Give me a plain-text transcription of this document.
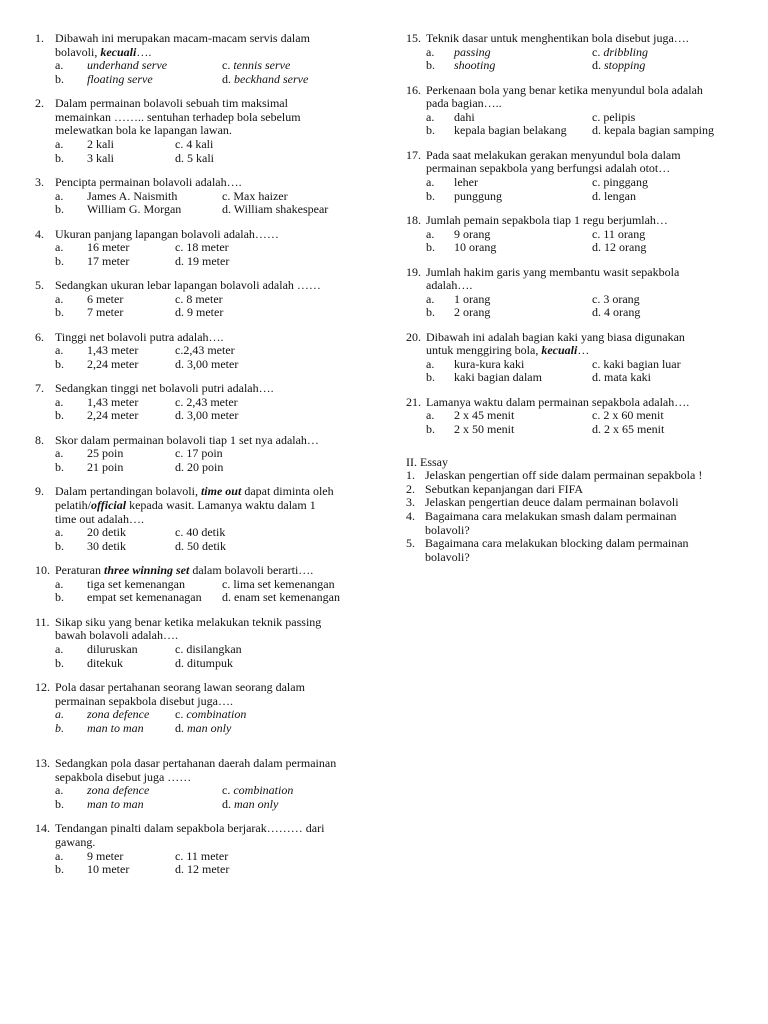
1. Dibawah ini merupakan macam-macam servis dalam
bolavoli, kecuali….
a. underhand serve	c. tennis serve
b. floating serve	d. beckhand serve
2. Dalam permainan bolavoli sebuah tim maksimal
memainkan …….. sentuhan terhadep bola sebelum
melewatkan bola ke lapangan lawan.
a. 2 kali	c. 4 kali
b. 3 kali	d. 5 kali
3. Pencipta permainan bolavoli adalah….
a. James A. Naismith	c. Max haizer
b. William G. Morgan	d. William shakespear
4. Ukuran panjang lapangan bolavoli adalah……
a. 16 meter	c. 18 meter
b. 17 meter	d. 19 meter
5. Sedangkan ukuran lebar lapangan bolavoli adalah ……
a. 6 meter	c. 8 meter
b. 7 meter	d. 9 meter
6. Tinggi net bolavoli putra adalah….
a. 1,43 meter	c.2,43 meter
b. 2,24 meter	d. 3,00 meter
7. Sedangkan tinggi net bolavoli putri adalah….
a. 1,43 meter	c. 2,43 meter
b. 2,24 meter	d. 3,00 meter
8. Skor dalam permainan bolavoli tiap 1 set nya adalah…
a. 25 poin	c. 17 poin
b. 21 poin	d. 20 poin
9. Dalam pertandingan bolavoli, time out dapat diminta oleh
pelatih/official kepada wasit. Lamanya waktu dalam 1
time out adalah….
a. 20 detik	c. 40 detik
b. 30 detik	d. 50 detik
10. Peraturan three winning set dalam bolavoli berarti….
a. tiga set kemenangan	c. lima set kemenangan
b. empat set kemenanagan d. enam set kemenangan
11. Sikap siku yang benar ketika melakukan teknik passing
bawah bolavoli adalah….
a. diluruskan	c. disilangkan
b. ditekuk	d. ditumpuk
12. Pola dasar pertahanan seorang lawan seorang dalam
permainan sepakbola disebut juga….
a. zona defence c. combination
b. man to man	d. man only
13. Sedangkan pola dasar pertahanan daerah dalam permainan
sepakbola disebut juga ……
a. zona defence	c. combination
b. man to man	d. man only
14. Tendangan pinalti dalam sepakbola berjarak……… dari
gawang.
a. 9 meter	c. 11 meter
b. 10 meter	d. 12 meter
15. Teknik dasar untuk menghentikan bola disebut juga….
a. passing	c. dribbling
b. shooting	d. stopping
16. Perkenaan bola yang benar ketika menyundul bola adalah
pada bagian…..
a. dahi	c. pelipis
b. kepala bagian belakang d. kepala bagian samping
17. Pada saat melakukan gerakan menyundul bola dalam
permainan sepakbola yang berfungsi adalah otot…
a. leher	c. pinggang
b. punggung	d. lengan
18. Jumlah pemain sepakbola tiap 1 regu berjumlah…
a. 9 orang	c. 11 orang
b. 10 orang	d. 12 orang
19. Jumlah hakim garis yang membantu wasit sepakbola
adalah….
a. 1 orang	c. 3 orang
b. 2 orang	d. 4 orang
20. Dibawah ini adalah bagian kaki yang biasa digunakan
untuk menggiring bola, kecuali…
a. kura-kura kaki	c. kaki bagian luar
b. kaki bagian dalam	d. mata kaki
21. Lamanya waktu dalam permainan sepakbola adalah….
a. 2 x 45 menit	c. 2 x 60 menit
b. 2 x 50 menit	d. 2 x 65 menit
II. Essay
1. Jelaskan pengertian off side dalam permainan sepakbola !
2. Sebutkan kepanjangan dari FIFA
3. Jelaskan pengertian deuce dalam permainan bolavoli
4. Bagaimana cara melakukan smash dalam permainan
bolavoli?
5. Bagaimana cara melakukan blocking dalam permainan
bolavoli?
